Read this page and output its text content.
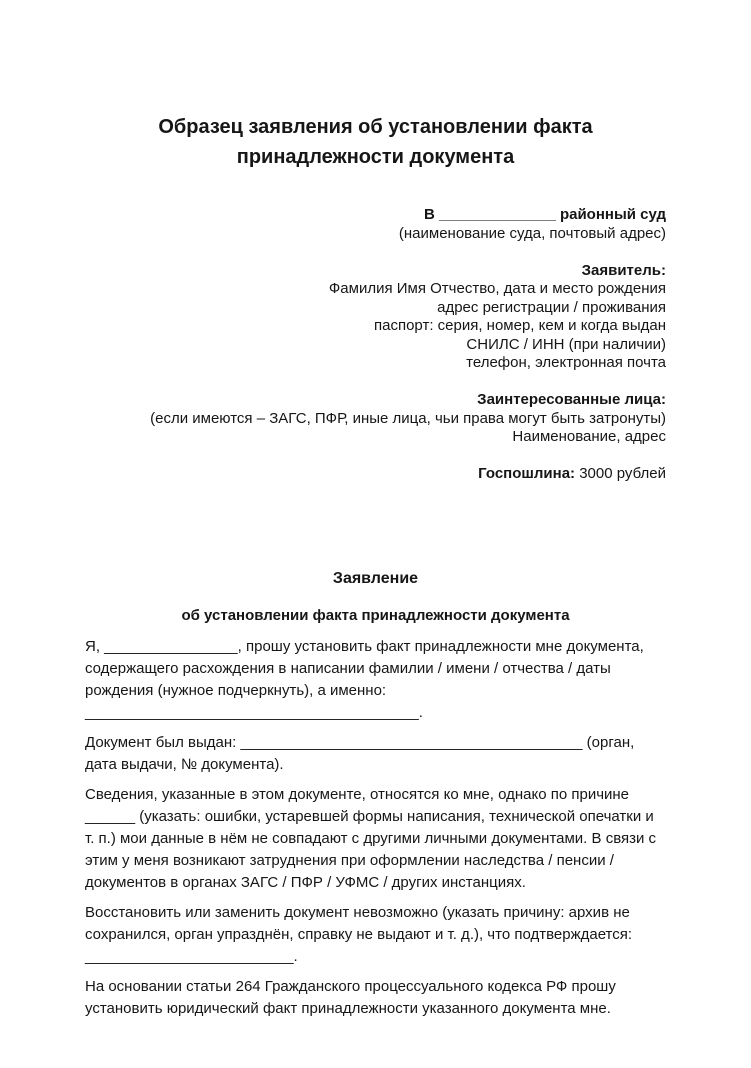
Образец заявления об установлении факта
принадлежности документа
В ______________ районный суд
(наименование суда, почтовый адрес)
Заявитель:
Фамилия Имя Отчество, дата и место рождения
адрес регистрации / проживания
паспорт: серия, номер, кем и когда выдан
СНИЛС / ИНН (при наличии)
телефон, электронная почта
Заинтересованные лица:
(если имеются – ЗАГС, ПФР, иные лица, чьи права могут быть затронуты)
Наименование, адрес
Госпошлина: 3000 рублей
Заявление
об установлении факта принадлежности документа

Я, ________________, прошу установить факт принадлежности мне документа, содержащего расхождения в написании фамилии / имени / отчества / даты рождения (нужное подчеркнуть), а именно: ________________________________________.

Документ был выдан: _________________________________________ (орган, дата выдачи, № документа).

Сведения, указанные в этом документе, относятся ко мне, однако по причине ______ (указать: ошибки, устаревшей формы написания, технической опечатки и т. п.) мои данные в нём не совпадают с другими личными документами. В связи с этим у меня возникают затруднения при оформлении наследства / пенсии / документов в органах ЗАГС / ПФР / УФМС / других инстанциях.

Восстановить или заменить документ невозможно (указать причину: архив не сохранился, орган упразднён, справку не выдают и т. д.), что подтверждается: _________________________.

На основании статьи 264 Гражданского процессуального кодекса РФ прошу установить юридический факт принадлежности указанного документа мне.
